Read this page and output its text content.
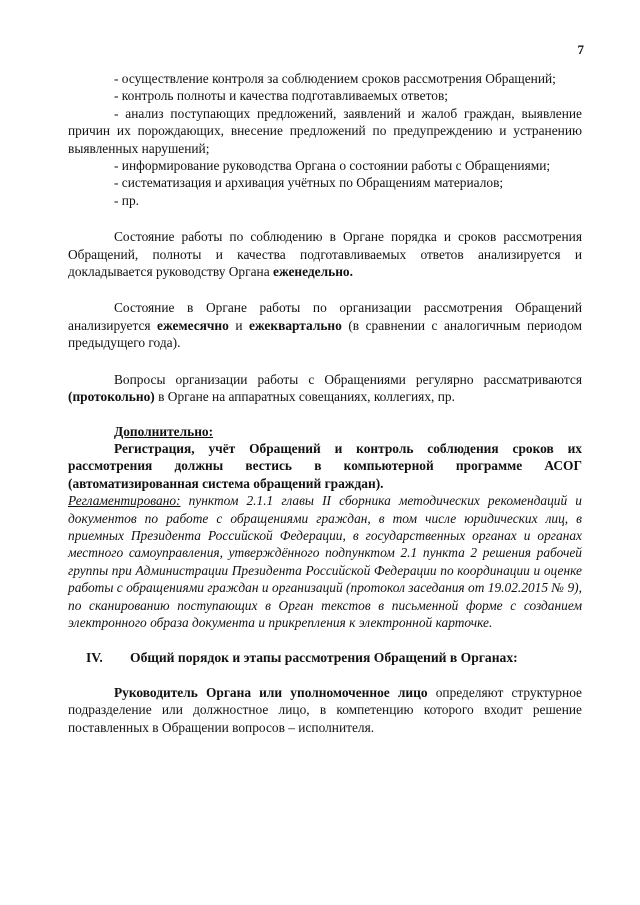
7

- осуществление контроля за соблюдением сроков рассмотрения Обращений;

- контроль полноты и качества подготавливаемых ответов;

- анализ поступающих предложений, заявлений и жалоб граждан, выявление причин их порождающих, внесение предложений по предупреждению и устранению выявленных нарушений;

- информирование руководства Органа о состоянии работы с Обращениями;

- систематизация и архивация учётных по Обращениям материалов;

- пр.

Состояние работы по соблюдению в Органе порядка и сроков рассмотрения Обращений, полноты и качества подготавливаемых ответов анализируется и докладывается руководству Органа еженедельно.

Состояние в Органе работы по организации рассмотрения Обращений анализируется ежемесячно и ежеквартально (в сравнении с аналогичным периодом предыдущего года).

Вопросы организации работы с Обращениями регулярно рассматриваются (протокольно) в Органе на аппаратных совещаниях, коллегиях, пр.

Дополнительно:

Регистрация, учёт Обращений и контроль соблюдения сроков их рассмотрения должны вестись в компьютерной программе АСОГ (автоматизированная система обращений граждан).

Регламентировано: пунктом 2.1.1 главы II сборника методических рекомендаций и документов по работе с обращениями граждан, в том числе юридических лиц, в приемных Президента Российской Федерации, в государственных органах и органах местного самоуправления, утверждённого подпунктом 2.1 пункта 2 решения рабочей группы при Администрации Президента Российской Федерации по координации и оценке работы с обращениями граждан и организаций (протокол заседания от 19.02.2015 № 9), по сканированию поступающих в Орган текстов в письменной форме с созданием электронного образа документа и прикрепления к электронной карточке.

IV. Общий порядок и этапы рассмотрения Обращений в Органах:

Руководитель Органа или уполномоченное лицо определяют структурное подразделение или должностное лицо, в компетенцию которого входит решение поставленных в Обращении вопросов – исполнителя.
